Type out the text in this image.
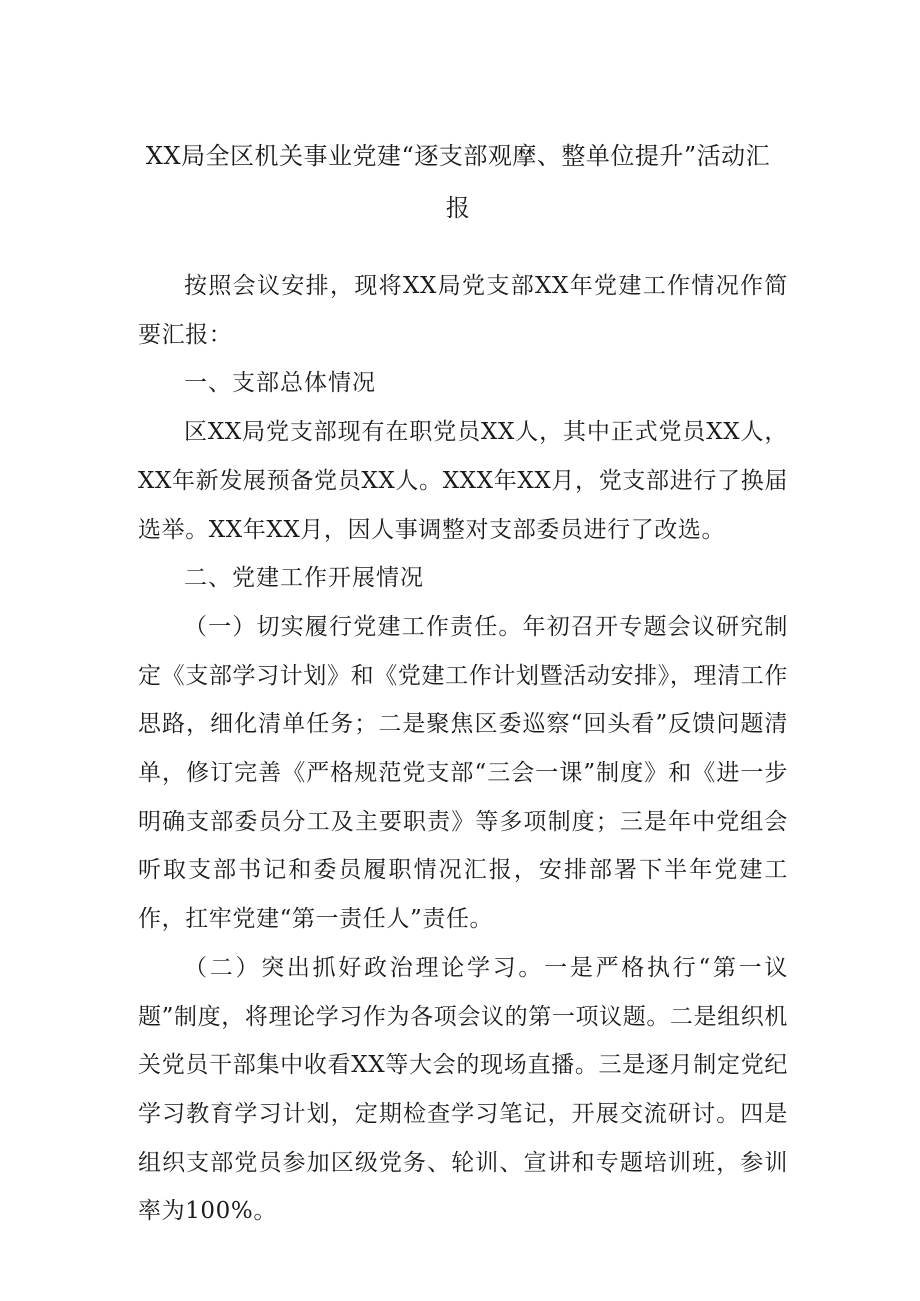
XX局全区机关事业党建“逐支部观摩、整单位提升”活动汇
报

按照会议安排，现将XX局党支部XX年党建工作情况作简要汇报：

一、支部总体情况

区XX局党支部现有在职党员XX人，其中正式党员XX人，XX年新发展预备党员XX人。XXX年XX月，党支部进行了换届选举。XX年XX月，因人事调整对支部委员进行了改选。

二、党建工作开展情况

（一）切实履行党建工作责任。年初召开专题会议研究制定《支部学习计划》和《党建工作计划暨活动安排》，理清工作思路，细化清单任务；二是聚焦区委巡察“回头看”反馈问题清单，修订完善《严格规范党支部“三会一课”制度》和《进一步明确支部委员分工及主要职责》等多项制度；三是年中党组会听取支部书记和委员履职情况汇报，安排部署下半年党建工作，扛牢党建“第一责任人”责任。

（二）突出抓好政治理论学习。一是严格执行“第一议题”制度，将理论学习作为各项会议的第一项议题。二是组织机关党员干部集中收看XX等大会的现场直播。三是逐月制定党纪学习教育学习计划，定期检查学习笔记，开展交流研讨。四是组织支部党员参加区级党务、轮训、宣讲和专题培训班，参训率为100%。
